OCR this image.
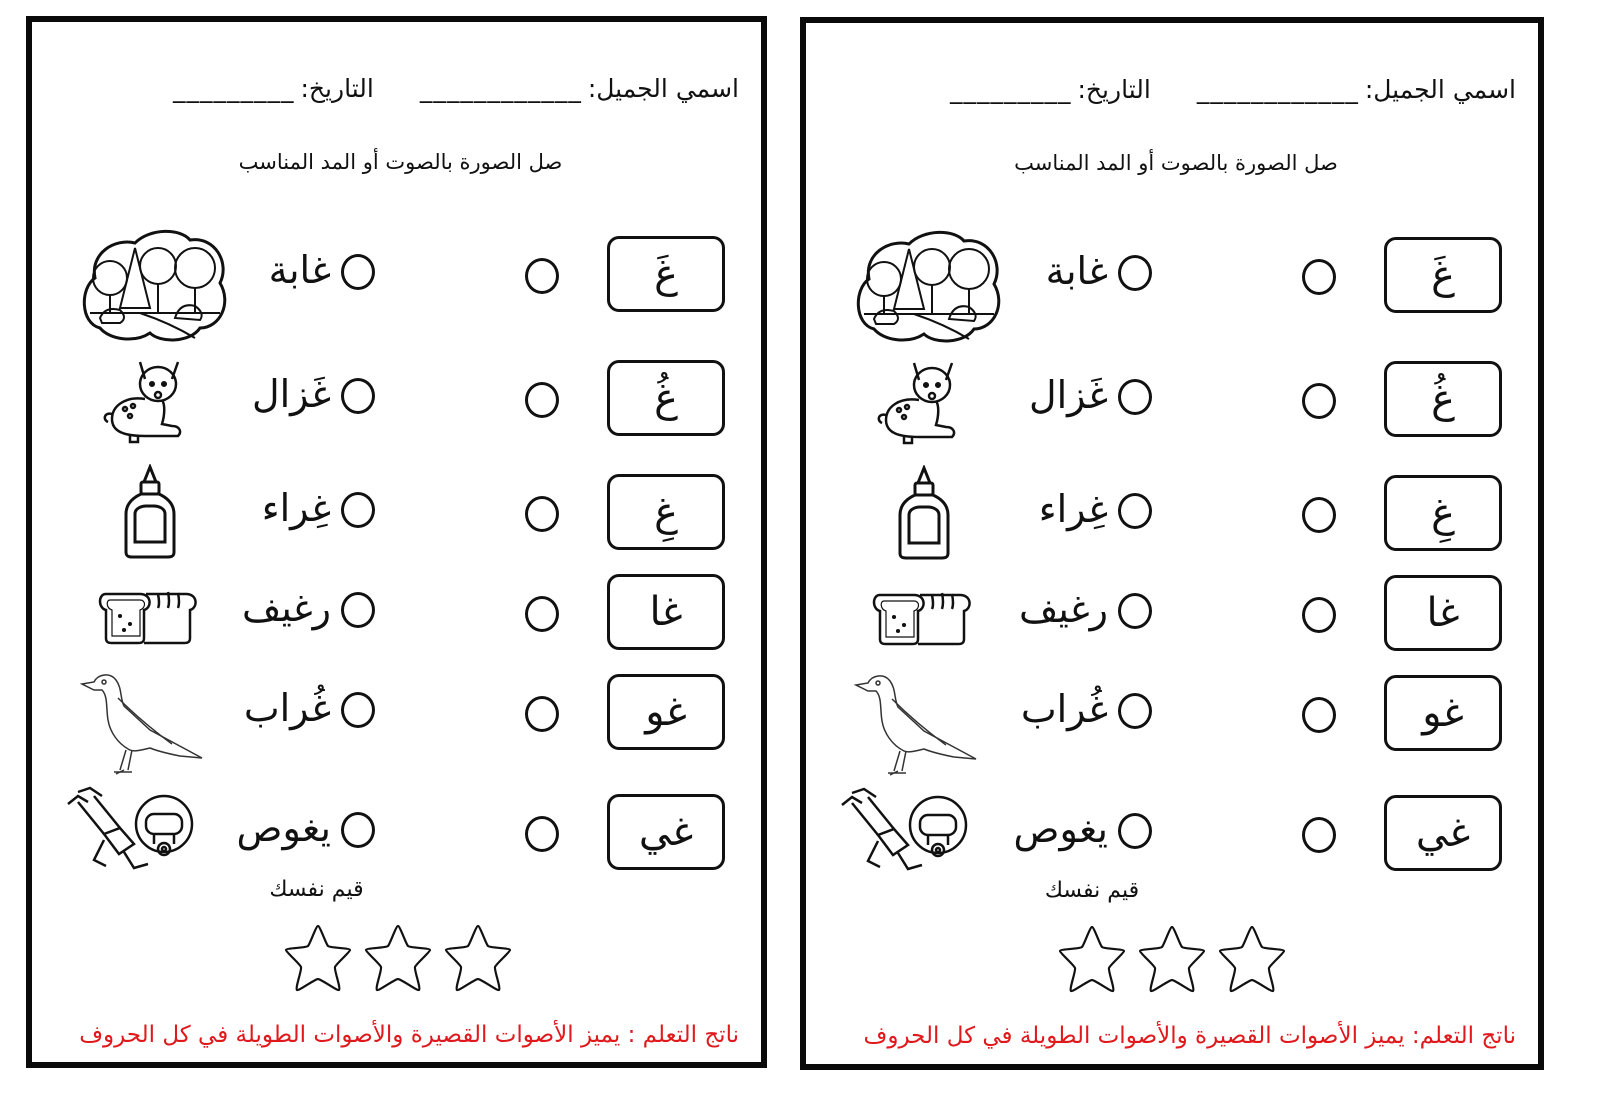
اسمي الجميل:
____________
التاريخ:
_________
صل الصورة بالصوت أو المد المناسب
غَ
غابة
غُ
غَزال
غِ
غِراء
غا
رغيف
غو
غُراب
غي
يغوص
قيم نفسك
ناتج التعلم : يميز الأصوات القصيرة والأصوات الطويلة في كل الحروف
اسمي الجميل:
____________
التاريخ:
_________
صل الصورة بالصوت أو المد المناسب
غَ
غابة
غُ
غَزال
غِ
غِراء
غا
رغيف
غو
غُراب
غي
يغوص
قيم نفسك
ناتج التعلم: يميز الأصوات القصيرة والأصوات الطويلة في كل الحروف
